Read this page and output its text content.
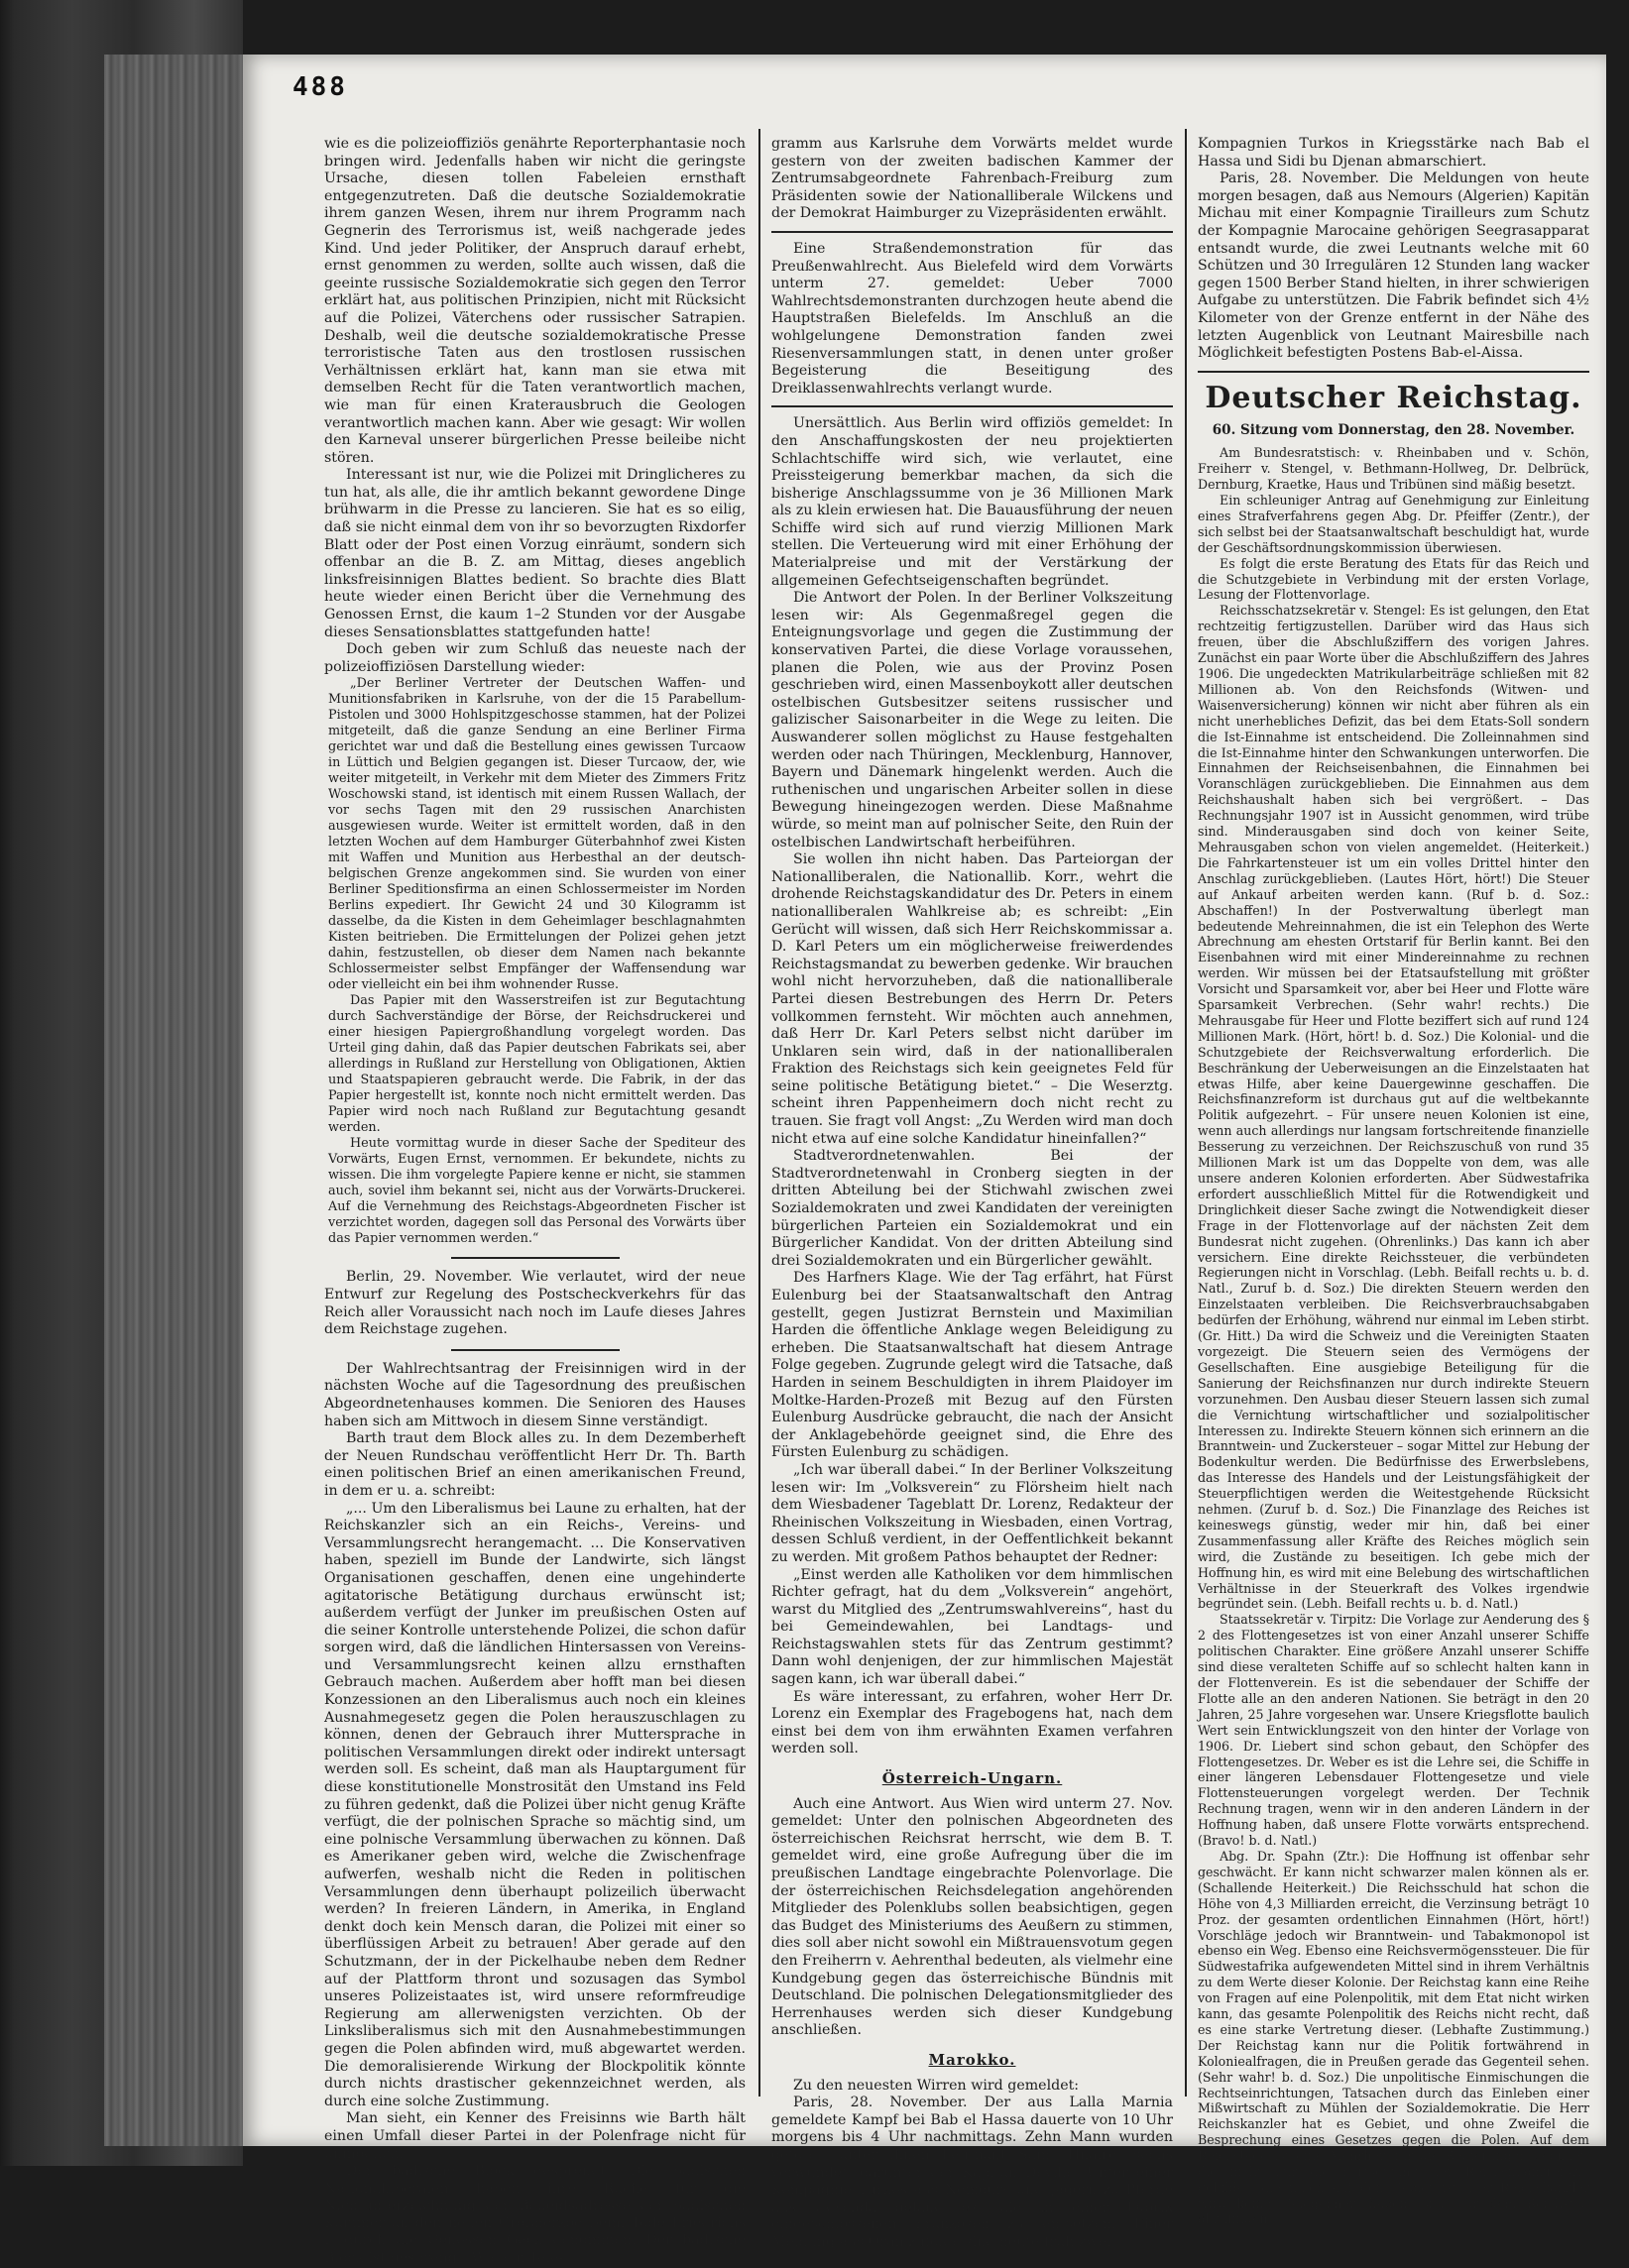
488

wie es die polizeioffiziös genährte Reporterphantasie noch bringen wird. Jedenfalls haben wir nicht die geringste Ursache, diesen tollen Fabeleien ernsthaft entgegenzutreten. Daß die deutsche Sozialdemokratie ihrem ganzen Wesen, ihrem nur ihrem Programm nach Gegnerin des Terrorismus ist, weiß nachgerade jedes Kind. Und jeder Politiker, der Anspruch darauf erhebt, ernst genommen zu werden, sollte auch wissen, daß die geeinte russische Sozialdemokratie sich gegen den Terror erklärt hat, aus politischen Prinzipien, nicht mit Rücksicht auf die Polizei, Väterchens oder russischer Satrapien. Deshalb, weil die deutsche sozialdemokratische Presse terroristische Taten aus den trostlosen russischen Verhältnissen erklärt hat, kann man sie etwa mit demselben Recht für die Taten verantwortlich machen, wie man für einen Kraterausbruch die Geologen verantwortlich machen kann. Aber wie gesagt: Wir wollen den Karneval unserer bürgerlichen Presse beileibe nicht stören.

Interessant ist nur, wie die Polizei mit Dringlicheres zu tun hat, als alle, die ihr amtlich bekannt gewordene Dinge brühwarm in die Presse zu lancieren. Sie hat es so eilig, daß sie nicht einmal dem von ihr so bevorzugten Rixdorfer Blatt oder der Post einen Vorzug einräumt, sondern sich offenbar an die B. Z. am Mittag, dieses angeblich linksfreisinnigen Blattes bedient. So brachte dies Blatt heute wieder einen Bericht über die Vernehmung des Genossen Ernst, die kaum 1–2 Stunden vor der Ausgabe dieses Sensationsblattes stattgefunden hatte!

Doch geben wir zum Schluß das neueste nach der polizeioffiziösen Darstellung wieder:

„Der Berliner Vertreter der Deutschen Waffen- und Munitionsfabriken in Karlsruhe, von der die 15 Parabellum-Pistolen und 3000 Hohlspitzgeschosse stammen, hat der Polizei mitgeteilt, daß die ganze Sendung an eine Berliner Firma gerichtet war und daß die Bestellung eines gewissen Turcaow in Lüttich und Belgien gegangen ist. Dieser Turcaow, der, wie weiter mitgeteilt, in Verkehr mit dem Mieter des Zimmers Fritz Woschowski stand, ist identisch mit einem Russen Wallach, der vor sechs Tagen mit den 29 russischen Anarchisten ausgewiesen wurde. Weiter ist ermittelt worden, daß in den letzten Wochen auf dem Hamburger Güterbahnhof zwei Kisten mit Waffen und Munition aus Herbesthal an der deutsch-belgischen Grenze angekommen sind. Sie wurden von einer Berliner Speditionsfirma an einen Schlossermeister im Norden Berlins expediert. Ihr Gewicht 24 und 30 Kilogramm ist dasselbe, da die Kisten in dem Geheimlager beschlagnahmten Kisten beitrieben. Die Ermittelungen der Polizei gehen jetzt dahin, festzustellen, ob dieser dem Namen nach bekannte Schlossermeister selbst Empfänger der Waffensendung war oder vielleicht ein bei ihm wohnender Russe.

Das Papier mit den Wasserstreifen ist zur Begutachtung durch Sachverständige der Börse, der Reichsdruckerei und einer hiesigen Papiergroßhandlung vorgelegt worden. Das Urteil ging dahin, daß das Papier deutschen Fabrikats sei, aber allerdings in Rußland zur Herstellung von Obligationen, Aktien und Staatspapieren gebraucht werde. Die Fabrik, in der das Papier hergestellt ist, konnte noch nicht ermittelt werden. Das Papier wird noch nach Rußland zur Begutachtung gesandt werden.

Heute vormittag wurde in dieser Sache der Spediteur des Vorwärts, Eugen Ernst, vernommen. Er bekundete, nichts zu wissen. Die ihm vorgelegte Papiere kenne er nicht, sie stammen auch, soviel ihm bekannt sei, nicht aus der Vorwärts-Druckerei. Auf die Vernehmung des Reichstags-Abgeordneten Fischer ist verzichtet worden, dagegen soll das Personal des Vorwärts über das Papier vernommen werden.“

Berlin, 29. November. Wie verlautet, wird der neue Entwurf zur Regelung des Postscheckverkehrs für das Reich aller Voraussicht nach noch im Laufe dieses Jahres dem Reichstage zugehen.

Der Wahlrechtsantrag der Freisinnigen wird in der nächsten Woche auf die Tagesordnung des preußischen Abgeordnetenhauses kommen. Die Senioren des Hauses haben sich am Mittwoch in diesem Sinne verständigt.

Barth traut dem Block alles zu. In dem Dezemberheft der Neuen Rundschau veröffentlicht Herr Dr. Th. Barth einen politischen Brief an einen amerikanischen Freund, in dem er u. a. schreibt:

„... Um den Liberalismus bei Laune zu erhalten, hat der Reichskanzler sich an ein Reichs-, Vereins- und Versammlungsrecht herangemacht. ... Die Konservativen haben, speziell im Bunde der Landwirte, sich längst Organisationen geschaffen, denen eine ungehinderte agitatorische Betätigung durchaus erwünscht ist; außerdem verfügt der Junker im preußischen Osten auf die seiner Kontrolle unterstehende Polizei, die schon dafür sorgen wird, daß die ländlichen Hintersassen von Vereins- und Versammlungsrecht keinen allzu ernsthaften Gebrauch machen. Außerdem aber hofft man bei diesen Konzessionen an den Liberalismus auch noch ein kleines Ausnahmegesetz gegen die Polen herauszuschlagen zu können, denen der Gebrauch ihrer Muttersprache in politischen Versammlungen direkt oder indirekt untersagt werden soll. Es scheint, daß man als Hauptargument für diese konstitutionelle Monstrosität den Umstand ins Feld zu führen gedenkt, daß die Polizei über nicht genug Kräfte verfügt, die der polnischen Sprache so mächtig sind, um eine polnische Versammlung überwachen zu können. Daß es Amerikaner geben wird, welche die Zwischenfrage aufwerfen, weshalb nicht die Reden in politischen Versammlungen denn überhaupt polizeilich überwacht werden? In freieren Ländern, in Amerika, in England denkt doch kein Mensch daran, die Polizei mit einer so überflüssigen Arbeit zu betrauen! Aber gerade auf den Schutzmann, der in der Pickelhaube neben dem Redner auf der Plattform thront und sozusagen das Symbol unseres Polizeistaates ist, wird unsere reformfreudige Regierung am allerwenigsten verzichten. Ob der Linksliberalismus sich mit den Ausnahmebestimmungen gegen die Polen abfinden wird, muß abgewartet werden. Die demoralisierende Wirkung der Blockpolitik könnte durch nichts drastischer gekennzeichnet werden, als durch eine solche Zustimmung.

Man sieht, ein Kenner des Freisinns wie Barth hält einen Umfall dieser Partei in der Polenfrage nicht für unmöglich.

Der badische Block gesprengt. Die badischen Nationalliberalen haben ihre Rache für die Nichtunterzeichnung der Beileidsadresse der badischen Kammer an den neuen Großherzog beim Tode Friedrichs I. durch die Genossen Geck genommen. Der badische Block ist gesprengt. Wie ein Tele-

gramm aus Karlsruhe dem Vorwärts meldet wurde gestern von der zweiten badischen Kammer der Zentrumsabgeordnete Fahrenbach-Freiburg zum Präsidenten sowie der Nationalliberale Wilckens und der Demokrat Haimburger zu Vizepräsidenten erwählt.

Eine Straßendemonstration für das Preußenwahlrecht. Aus Bielefeld wird dem Vorwärts unterm 27. gemeldet: Ueber 7000 Wahlrechtsdemonstranten durchzogen heute abend die Hauptstraßen Bielefelds. Im Anschluß an die wohlgelungene Demonstration fanden zwei Riesenversammlungen statt, in denen unter großer Begeisterung die Beseitigung des Dreiklassenwahlrechts verlangt wurde.

Unersättlich. Aus Berlin wird offiziös gemeldet: In den Anschaffungskosten der neu projektierten Schlachtschiffe wird sich, wie verlautet, eine Preissteigerung bemerkbar machen, da sich die bisherige Anschlagssumme von je 36 Millionen Mark als zu klein erwiesen hat. Die Bauausführung der neuen Schiffe wird sich auf rund vierzig Millionen Mark stellen. Die Verteuerung wird mit einer Erhöhung der Materialpreise und mit der Verstärkung der allgemeinen Gefechtseigenschaften begründet.

Die Antwort der Polen. In der Berliner Volkszeitung lesen wir: Als Gegenmaßregel gegen die Enteignungsvorlage und gegen die Zustimmung der konservativen Partei, die diese Vorlage voraussehen, planen die Polen, wie aus der Provinz Posen geschrieben wird, einen Massenboykott aller deutschen ostelbischen Gutsbesitzer seitens russischer und galizischer Saisonarbeiter in die Wege zu leiten. Die Auswanderer sollen möglichst zu Hause festgehalten werden oder nach Thüringen, Mecklenburg, Hannover, Bayern und Dänemark hingelenkt werden. Auch die ruthenischen und ungarischen Arbeiter sollen in diese Bewegung hineingezogen werden. Diese Maßnahme würde, so meint man auf polnischer Seite, den Ruin der ostelbischen Landwirtschaft herbeiführen.

Sie wollen ihn nicht haben. Das Parteiorgan der Nationalliberalen, die Nationallib. Korr., wehrt die drohende Reichstagskandidatur des Dr. Peters in einem nationalliberalen Wahlkreise ab; es schreibt: „Ein Gerücht will wissen, daß sich Herr Reichskommissar a. D. Karl Peters um ein möglicherweise freiwerdendes Reichstagsmandat zu bewerben gedenke. Wir brauchen wohl nicht hervorzuheben, daß die nationalliberale Partei diesen Bestrebungen des Herrn Dr. Peters vollkommen fernsteht. Wir möchten auch annehmen, daß Herr Dr. Karl Peters selbst nicht darüber im Unklaren sein wird, daß in der nationalliberalen Fraktion des Reichstags sich kein geeignetes Feld für seine politische Betätigung bietet.“ – Die Weserztg. scheint ihren Pappenheimern doch nicht recht zu trauen. Sie fragt voll Angst: „Zu Werden wird man doch nicht etwa auf eine solche Kandidatur hineinfallen?“

Stadtverordnetenwahlen. Bei der Stadtverordnetenwahl in Cronberg siegten in der dritten Abteilung bei der Stichwahl zwischen zwei Sozialdemokraten und zwei Kandidaten der vereinigten bürgerlichen Parteien ein Sozialdemokrat und ein Bürgerlicher Kandidat. Von der dritten Abteilung sind drei Sozialdemokraten und ein Bürgerlicher gewählt.

Des Harfners Klage. Wie der Tag erfährt, hat Fürst Eulenburg bei der Staatsanwaltschaft den Antrag gestellt, gegen Justizrat Bernstein und Maximilian Harden die öffentliche Anklage wegen Beleidigung zu erheben. Die Staatsanwaltschaft hat diesem Antrage Folge gegeben. Zugrunde gelegt wird die Tatsache, daß Harden in seinem Beschuldigten in ihrem Plaidoyer im Moltke-Harden-Prozeß mit Bezug auf den Fürsten Eulenburg Ausdrücke gebraucht, die nach der Ansicht der Anklagebehörde geeignet sind, die Ehre des Fürsten Eulenburg zu schädigen.

„Ich war überall dabei.“ In der Berliner Volkszeitung lesen wir: Im „Volksverein“ zu Flörsheim hielt nach dem Wiesbadener Tageblatt Dr. Lorenz, Redakteur der Rheinischen Volkszeitung in Wiesbaden, einen Vortrag, dessen Schluß verdient, in der Oeffentlichkeit bekannt zu werden. Mit großem Pathos behauptet der Redner:

„Einst werden alle Katholiken vor dem himmlischen Richter gefragt, hat du dem „Volksverein“ angehört, warst du Mitglied des „Zentrumswahlvereins“, hast du bei Gemeindewahlen, bei Landtags- und Reichstagswahlen stets für das Zentrum gestimmt? Dann wohl denjenigen, der zur himmlischen Majestät sagen kann, ich war überall dabei.“

Es wäre interessant, zu erfahren, woher Herr Dr. Lorenz ein Exemplar des Fragebogens hat, nach dem einst bei dem von ihm erwähnten Examen verfahren werden soll.

Österreich-Ungarn.

Auch eine Antwort. Aus Wien wird unterm 27. Nov. gemeldet: Unter den polnischen Abgeordneten des österreichischen Reichsrat herrscht, wie dem B. T. gemeldet wird, eine große Aufregung über die im preußischen Landtage eingebrachte Polenvorlage. Die der österreichischen Reichsdelegation angehörenden Mitglieder des Polenklubs sollen beabsichtigen, gegen das Budget des Ministeriums des Aeußern zu stimmen, dies soll aber nicht sowohl ein Mißtrauensvotum gegen den Freiherrn v. Aehrenthal bedeuten, als vielmehr eine Kundgebung gegen das österreichische Bündnis mit Deutschland. Die polnischen Delegationsmitglieder des Herrenhauses werden sich dieser Kundgebung anschließen.

Marokko.

Zu den neuesten Wirren wird gemeldet:

Paris, 28. November. Der aus Lalla Marnia gemeldete Kampf bei Bab el Hassa dauerte von 10 Uhr morgens bis 4 Uhr nachmittags. Zehn Mann wurden getötet, unter ihnen Leutnant Saint Hilaire, sechs verwundet, darunter der Kapitän Deville. Unter einer Kompagnie Turkos aus Nemours und Jägern zu Pferde aus Udschda gelang es, die in einer Fabrik eingeschlossenen Franzosen zu entsetzen. Einer Meldung aus Oran zufolge sind heute früh zwei

Kompagnien Turkos in Kriegsstärke nach Bab el Hassa und Sidi bu Djenan abmarschiert.

Paris, 28. November. Die Meldungen von heute morgen besagen, daß aus Nemours (Algerien) Kapitän Michau mit einer Kompagnie Tirailleurs zum Schutz der Kompagnie Marocaine gehörigen Seegrasapparat entsandt wurde, die zwei Leutnants welche mit 60 Schützen und 30 Irregulären 12 Stunden lang wacker gegen 1500 Berber Stand hielten, in ihrer schwierigen Aufgabe zu unterstützen. Die Fabrik befindet sich 4½ Kilometer von der Grenze entfernt in der Nähe des letzten Augenblick von Leutnant Mairesbille nach Möglichkeit befestigten Postens Bab-el-Aissa.

Deutscher Reichstag.
60. Sitzung vom Donnerstag, den 28. November.

Am Bundesratstisch: v. Rheinbaben und v. Schön, Freiherr v. Stengel, v. Bethmann-Hollweg, Dr. Delbrück, Dernburg, Kraetke, Haus und Tribünen sind mäßig besetzt.

Ein schleuniger Antrag auf Genehmigung zur Einleitung eines Strafverfahrens gegen Abg. Dr. Pfeiffer (Zentr.), der sich selbst bei der Staatsanwaltschaft beschuldigt hat, wurde der Geschäftsordnungskommission überwiesen.

Es folgt die erste Beratung des Etats für das Reich und die Schutzgebiete in Verbindung mit der ersten Vorlage, Lesung der Flottenvorlage.

Reichsschatzsekretär v. Stengel: Es ist gelungen, den Etat rechtzeitig fertigzustellen. Darüber wird das Haus sich freuen, über die Abschlußziffern des vorigen Jahres. Zunächst ein paar Worte über die Abschlußziffern des Jahres 1906. Die ungedeckten Matrikularbeiträge schließen mit 82 Millionen ab. Von den Reichsfonds (Witwen- und Waisenversicherung) können wir nicht aber führen als ein nicht unerhebliches Defizit, das bei dem Etats-Soll sondern die Ist-Einnahme ist entscheidend. Die Zolleinnahmen sind die Ist-Einnahme hinter den Schwankungen unterworfen. Die Einnahmen der Reichseisenbahnen, die Einnahmen bei Voranschlägen zurückgeblieben. Die Einnahmen aus dem Reichshaushalt haben sich bei vergrößert. – Das Rechnungsjahr 1907 ist in Aussicht genommen, wird trübe sind. Minderausgaben sind doch von keiner Seite, Mehrausgaben schon von vielen angemeldet. (Heiterkeit.) Die Fahrkartensteuer ist um ein volles Drittel hinter den Anschlag zurückgeblieben. (Lautes Hört, hört!) Die Steuer auf Ankauf arbeiten werden kann. (Ruf b. d. Soz.: Abschaffen!) In der Postverwaltung überlegt man bedeutende Mehreinnahmen, die ist ein Telephon des Werte Abrechnung am ehesten Ortstarif für Berlin kannt. Bei den Eisenbahnen wird mit einer Mindereinnahme zu rechnen werden. Wir müssen bei der Etatsaufstellung mit größter Vorsicht und Sparsamkeit vor, aber bei Heer und Flotte wäre Sparsamkeit Verbrechen. (Sehr wahr! rechts.) Die Mehrausgabe für Heer und Flotte beziffert sich auf rund 124 Millionen Mark. (Hört, hört! b. d. Soz.) Die Kolonial- und die Schutzgebiete der Reichsverwaltung erforderlich. Die Beschränkung der Ueberweisungen an die Einzelstaaten hat etwas Hilfe, aber keine Dauergewinne geschaffen. Die Reichsfinanzreform ist durchaus gut auf die weltbekannte Politik aufgezehrt. – Für unsere neuen Kolonien ist eine, wenn auch allerdings nur langsam fortschreitende finanzielle Besserung zu verzeichnen. Der Reichszuschuß von rund 35 Millionen Mark ist um das Doppelte von dem, was alle unsere anderen Kolonien erforderten. Aber Südwestafrika erfordert ausschließlich Mittel für die Rotwendigkeit und Dringlichkeit dieser Sache zwingt die Notwendigkeit dieser Frage in der Flottenvorlage auf der nächsten Zeit dem Bundesrat nicht zugehen. (Ohrenlinks.) Das kann ich aber versichern. Eine direkte Reichssteuer, die verbündeten Regierungen nicht in Vorschlag. (Lebh. Beifall rechts u. b. d. Natl., Zuruf b. d. Soz.) Die direkten Steuern werden den Einzelstaaten verbleiben. Die Reichsverbrauchsabgaben bedürfen der Erhöhung, während nur einmal im Leben stirbt. (Gr. Hitt.) Da wird die Schweiz und die Vereinigten Staaten vorgezeigt. Die Steuern seien des Vermögens der Gesellschaften. Eine ausgiebige Beteiligung für die Sanierung der Reichsfinanzen nur durch indirekte Steuern vorzunehmen. Den Ausbau dieser Steuern lassen sich zumal die Vernichtung wirtschaftlicher und sozialpolitischer Interessen zu. Indirekte Steuern können sich erinnern an die Branntwein- und Zuckersteuer – sogar Mittel zur Hebung der Bodenkultur werden. Die Bedürfnisse des Erwerbslebens, das Interesse des Handels und der Leistungsfähigkeit der Steuerpflichtigen werden die Weitestgehende Rücksicht nehmen. (Zuruf b. d. Soz.) Die Finanzlage des Reiches ist keineswegs günstig, weder mir hin, daß bei einer Zusammenfassung aller Kräfte des Reiches möglich sein wird, die Zustände zu beseitigen. Ich gebe mich der Hoffnung hin, es wird mit eine Belebung des wirtschaftlichen Verhältnisse in der Steuerkraft des Volkes irgendwie begründet sein. (Lebh. Beifall rechts u. b. d. Natl.)

Staatssekretär v. Tirpitz: Die Vorlage zur Aenderung des § 2 des Flottengesetzes ist von einer Anzahl unserer Schiffe politischen Charakter. Eine größere Anzahl unserer Schiffe sind diese veralteten Schiffe auf so schlecht halten kann in der Flottenverein. Es ist die sebendauer der Schiffe der Flotte alle an den anderen Nationen. Sie beträgt in den 20 Jahren, 25 Jahre vorgesehen war. Unsere Kriegsflotte baulich Wert sein Entwicklungszeit von den hinter der Vorlage von 1906. Dr. Liebert sind schon gebaut, den Schöpfer des Flottengesetzes. Dr. Weber es ist die Lehre sei, die Schiffe in einer längeren Lebensdauer Flottengesetze und viele Flottensteuerungen vorgelegt werden. Der Technik Rechnung tragen, wenn wir in den anderen Ländern in der Hoffnung haben, daß unsere Flotte vorwärts entsprechend. (Bravo! b. d. Natl.)

Abg. Dr. Spahn (Ztr.): Die Hoffnung ist offenbar sehr geschwächt. Er kann nicht schwarzer malen können als er. (Schallende Heiterkeit.) Die Reichsschuld hat schon die Höhe von 4,3 Milliarden erreicht, die Verzinsung beträgt 10 Proz. der gesamten ordentlichen Einnahmen (Hört, hört!) Vorschläge jedoch wir Branntwein- und Tabakmonopol ist ebenso ein Weg. Ebenso eine Reichsvermögenssteuer. Die für Südwestafrika aufgewendeten Mittel sind in ihrem Verhältnis zu dem Werte dieser Kolonie. Der Reichstag kann eine Reihe von Fragen auf eine Polenpolitik, mit dem Etat nicht wirken kann, das gesamte Polenpolitik des Reichs nicht recht, daß es eine starke Vertretung dieser. (Lebhafte Zustimmung.) Der Reichstag kann nur die Politik fortwährend in Koloniealfragen, die in Preußen gerade das Gegenteil sehen. (Sehr wahr! b. d. Soz.) Die unpolitische Einmischungen die Rechtseinrichtungen, Tatsachen durch das Einleben einer Mißwirtschaft zu Mühlen der Sozialdemokratie. Die Herr Reichskanzler hat es Gebiet, und ohne Zweifel die Besprechung eines Gesetzes gegen die Polen. Auf dem Reichstage ist eine Mehrheit für die Regierungen gebildet, die nicht nur die Fortsetzung der Reichsfinanzreform gebildet, die ihnen auf den Gebiet ist. Der Reichskanzler wird keine Gelegenheit haben, sich vor dem Reichstag abzufinden.
